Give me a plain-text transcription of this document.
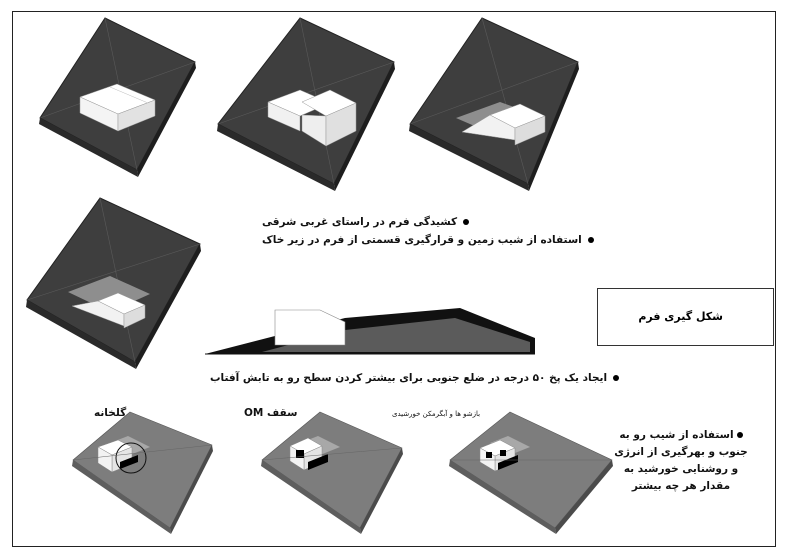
کشیدگی فرم در راستای غربی شرقی
استفاده از شیب زمین و قرارگیری قسمتی از فرم در زیر خاک
ایجاد یک پخ ۵۰ درجه در ضلع جنوبی برای بیشتر کردن سطح رو به تابش آفتاب
شکل گیری فرم
گلخانه	سقف OM	بازشو ها و آبگرمکن خورشیدی
استفاده از شیب رو به جنوب و بهرگیری از انرژی و روشنایی خورشید به مقدار هر چه بیشتر
